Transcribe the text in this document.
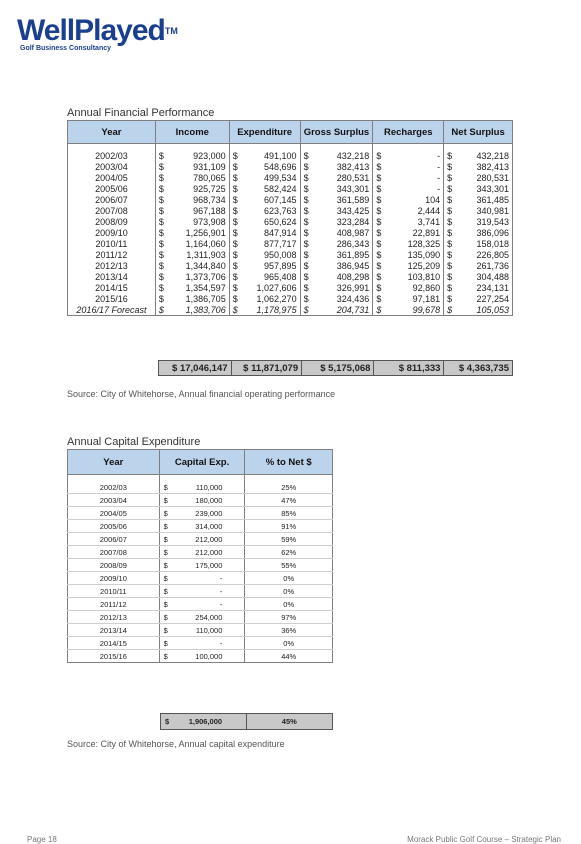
WellPlayed™
Golf Business Consultancy
Annual Financial Performance
Year	Income	Expenditure	Gross Surplus	Recharges	Net Surplus

2002/03	$ 923,000	$ 491,100	$ 432,218	$ -	$ 432,218
2003/04	$ 931,109	$ 548,696	$ 382,413	$ -	$ 382,413
2004/05	$ 780,065	$ 499,534	$ 280,531	$ -	$ 280,531
2005/06	$ 925,725	$ 582,424	$ 343,301	$ -	$ 343,301
2006/07	$ 968,734	$ 607,145	$ 361,589	$ 104	$ 361,485
2007/08	$ 967,188	$ 623,763	$ 343,425	$ 2,444	$ 340,981
2008/09	$ 973,908	$ 650,624	$ 323,284	$ 3,741	$ 319,543
2009/10	$ 1,256,901	$ 847,914	$ 408,987	$ 22,891	$ 386,096
2010/11	$ 1,164,060	$ 877,717	$ 286,343	$ 128,325	$ 158,018
2011/12	$ 1,311,903	$ 950,008	$ 361,895	$ 135,090	$ 226,805
2012/13	$ 1,344,840	$ 957,895	$ 386,945	$ 125,209	$ 261,736
2013/14	$ 1,373,706	$ 965,408	$ 408,298	$ 103,810	$ 304,488
2014/15	$ 1,354,597	$ 1,027,606	$ 326,991	$ 92,860	$ 234,131
2015/16	$ 1,386,705	$ 1,062,270	$ 324,436	$ 97,181	$ 227,254
2016/17 Forecast	$ 1,383,706	$ 1,178,975	$ 204,731	$ 99,678	$ 105,053
$ 17,046,147	$ 11,871,079	$ 5,175,068	$ 811,333	$ 4,363,735
Source: City of Whitehorse, Annual financial operating performance
Annual Capital Expenditure
Year	Capital Exp.	% to Net $

2002/03	$ 110,000	25%
2003/04	$ 180,000	47%
2004/05	$ 239,000	85%
2005/06	$ 314,000	91%
2006/07	$ 212,000	59%
2007/08	$ 212,000	62%
2008/09	$ 175,000	55%
2009/10	$ -	0%
2010/11	$ -	0%
2011/12	$ -	0%
2012/13	$ 254,000	97%
2013/14	$ 110,000	36%
2014/15	$ -	0%
2015/16	$ 100,000	44%
$	1,906,000	45%
Source: City of Whitehorse, Annual capital expenditure
Page 18	Morack Public Golf Course – Strategic Plan
